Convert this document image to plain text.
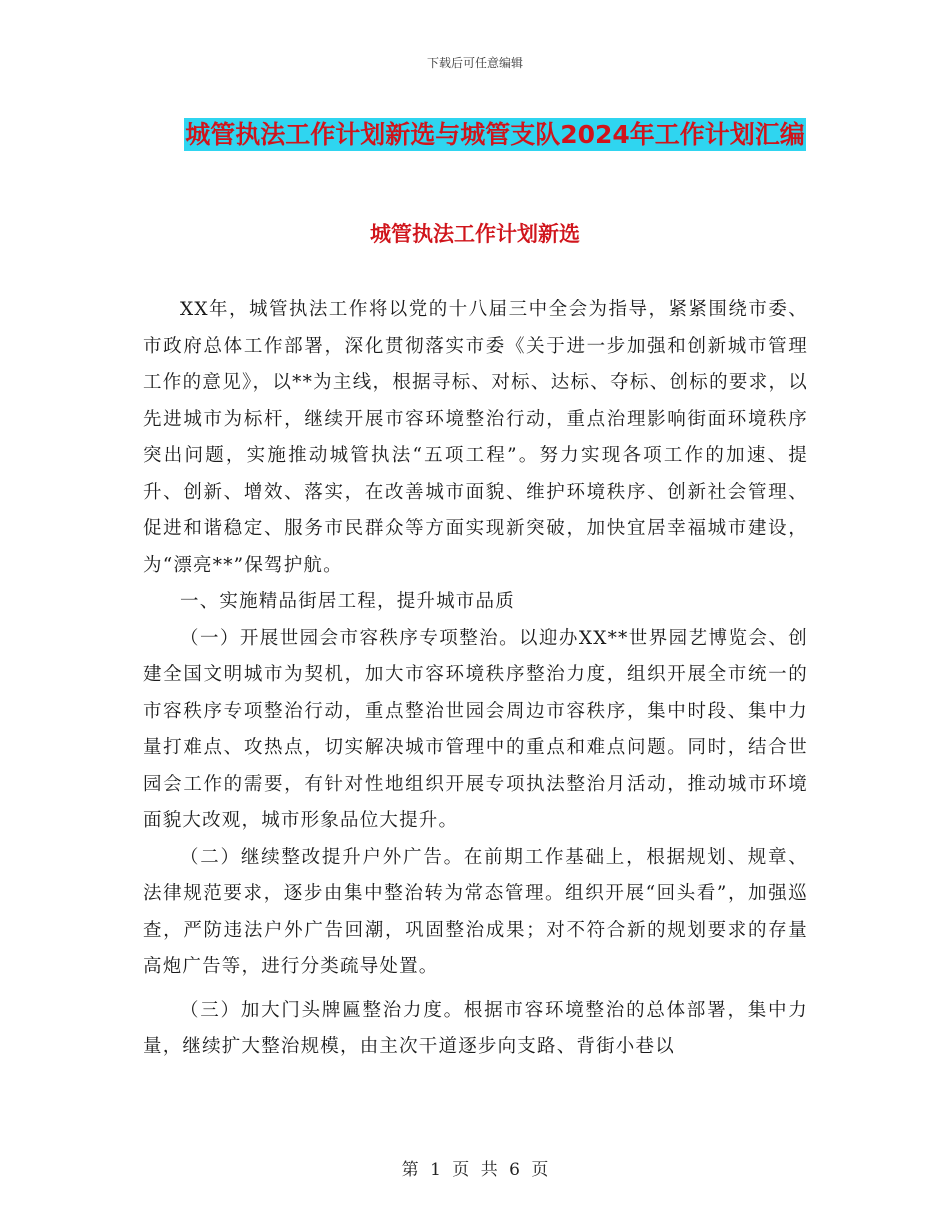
下载后可任意编辑
城管执法工作计划新选与城管支队2024年工作计划汇编
城管执法工作计划新选

XX年，城管执法工作将以党的十八届三中全会为指导，紧紧围绕市委、市政府总体工作部署，深化贯彻落实市委《关于进一步加强和创新城市管理工作的意见》，以**为主线，根据寻标、对标、达标、夺标、创标的要求，以先进城市为标杆，继续开展市容环境整治行动，重点治理影响街面环境秩序突出问题，实施推动城管执法“五项工程”。努力实现各项工作的加速、提升、创新、增效、落实，在改善城市面貌、维护环境秩序、创新社会管理、促进和谐稳定、服务市民群众等方面实现新突破，加快宜居幸福城市建设，为“漂亮**”保驾护航。

一、实施精品街居工程，提升城市品质

（一）开展世园会市容秩序专项整治。以迎办XX**世界园艺博览会、创建全国文明城市为契机，加大市容环境秩序整治力度，组织开展全市统一的市容秩序专项整治行动，重点整治世园会周边市容秩序，集中时段、集中力量打难点、攻热点，切实解决城市管理中的重点和难点问题。同时，结合世园会工作的需要，有针对性地组织开展专项执法整治月活动，推动城市环境面貌大改观，城市形象品位大提升。

（二）继续整改提升户外广告。在前期工作基础上，根据规划、规章、法律规范要求，逐步由集中整治转为常态管理。组织开展“回头看”，加强巡查，严防违法户外广告回潮，巩固整治成果；对不符合新的规划要求的存量高炮广告等，进行分类疏导处置。

（三）加大门头牌匾整治力度。根据市容环境整治的总体部署，集中力量，继续扩大整治规模，由主次干道逐步向支路、背街小巷以

第 1 页 共 6 页
